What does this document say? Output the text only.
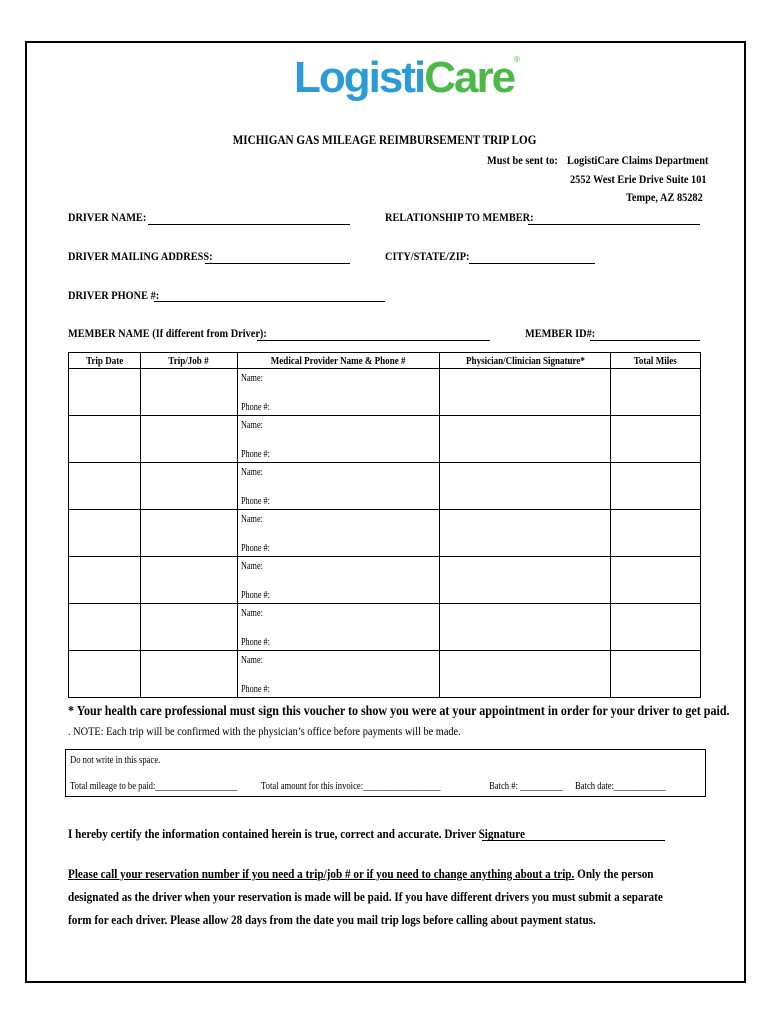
LogistiCare®
MICHIGAN GAS MILEAGE REIMBURSEMENT TRIP LOG
Must be sent to: LogistiCare Claims Department
2552 West Erie Drive Suite 101
Tempe, AZ 85282
DRIVER NAME:	RELATIONSHIP TO MEMBER:
DRIVER MAILING ADDRESS:	CITY/STATE/ZIP:
DRIVER PHONE #:
MEMBER NAME (If different from Driver):	MEMBER ID#:
Trip Date	Trip/Job #	Medical Provider Name & Phone #	Physician/Clinician Signature*	Total Miles

		Name:
Phone #:		

		Name:
Phone #:		

		Name:
Phone #:		

		Name:
Phone #:		

		Name:
Phone #:		

		Name:
Phone #:		

		Name:
Phone #:		

* Your health care professional must sign this voucher to show you were at your appointment in order for your driver to get paid.
. NOTE: Each trip will be confirmed with the physician’s office before payments will be made.
Do not write in this space.
Total mileage to be paid:___________________ Total amount for this invoice:__________________	Batch #: __________ Batch date:____________
I hereby certify the information contained herein is true, correct and accurate. Driver Signature
Please call your reservation number if you need a trip/job # or if you need to change anything about a trip. Only the person designated as the driver when your reservation is made will be paid. If you have different drivers you must submit a separate form for each driver. Please allow 28 days from the date you mail trip logs before calling about payment status.
